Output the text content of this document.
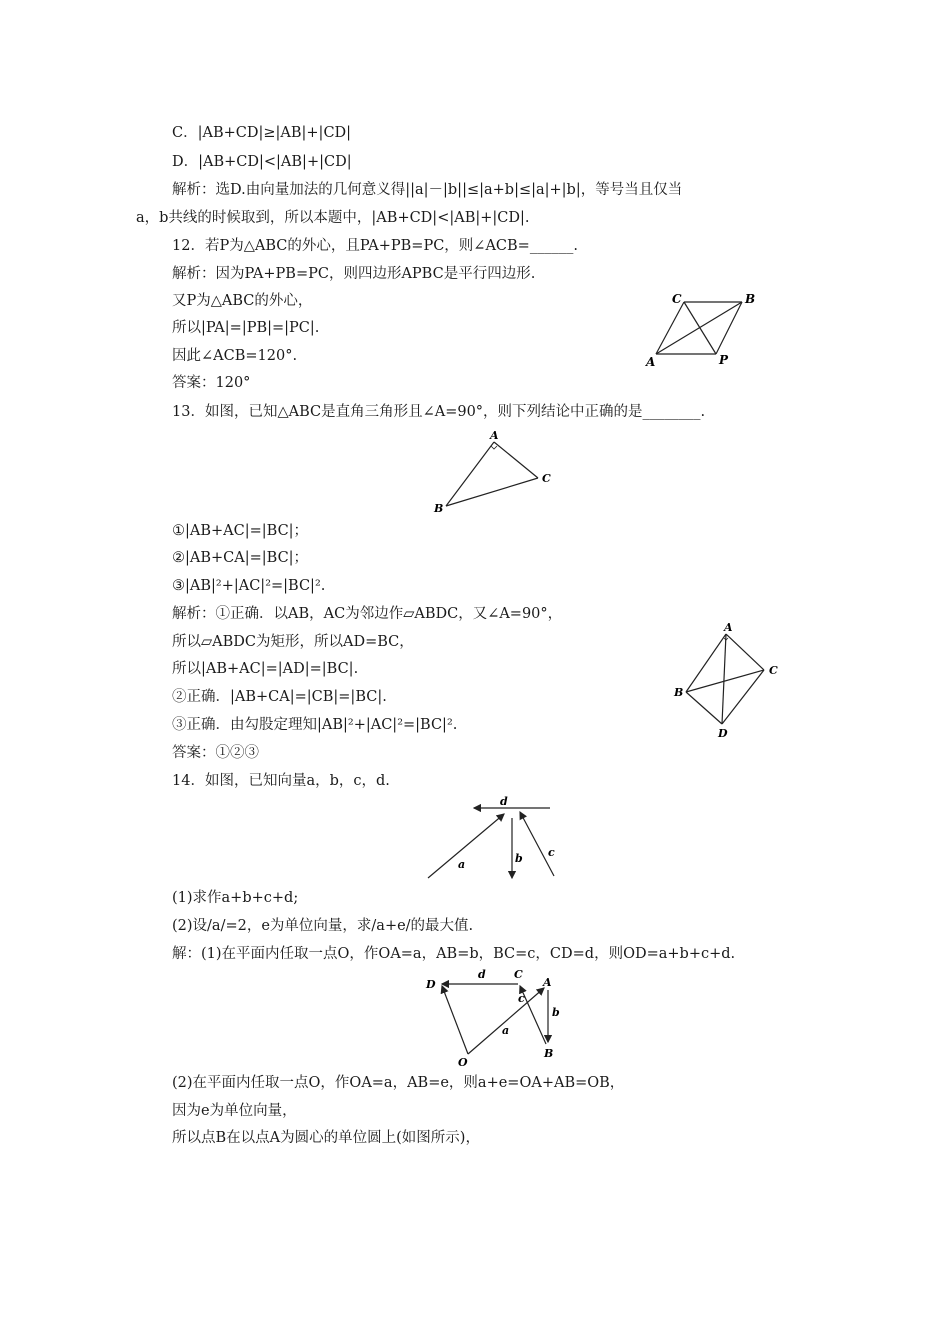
C．|AB+CD|≥|AB|+|CD|
D．|AB+CD|<|AB|+|CD|
解析：选D.由向量加法的几何意义得||a|－|b||≤|a+b|≤|a|+|b|，等号当且仅当
a，b共线的时候取到，所以本题中，|AB+CD|<|AB|+|CD|.
12．若P为△ABC的外心，且PA+PB=PC，则∠ACB=______.
解析：因为PA+PB=PC，则四边形APBC是平行四边形.
又P为△ABC的外心，
所以|PA|=|PB|=|PC|.
因此∠ACB=120°.
答案：120°
13．如图，已知△ABC是直角三角形且∠A=90°，则下列结论中正确的是________.
①|AB+AC|=|BC|；
②|AB+CA|=|BC|；
③|AB|²+|AC|²=|BC|².
解析：①正确．以AB，AC为邻边作▱ABDC，又∠A=90°，
所以▱ABDC为矩形，所以AD=BC，
所以|AB+AC|=|AD|=|BC|.
②正确．|AB+CA|=|CB|=|BC|.
③正确．由勾股定理知|AB|²+|AC|²=|BC|².
答案：①②③
14．如图，已知向量a，b，c，d.
(1)求作a+b+c+d;
(2)设/a/=2，e为单位向量，求/a+e/的最大值.
解：(1)在平面内任取一点O，作OA=a，AB=b，BC=c，CD=d，则OD=a+b+c+d.
(2)在平面内任取一点O，作OA=a，AB=e，则a+e=OA+AB=OB，
因为e为单位向量，
所以点B在以点A为圆心的单位圆上(如图所示)，
C	B
A	P
A
B
C
A
B
C
D
d
a	b c
D
C
A
B
O
d
c
b
a
